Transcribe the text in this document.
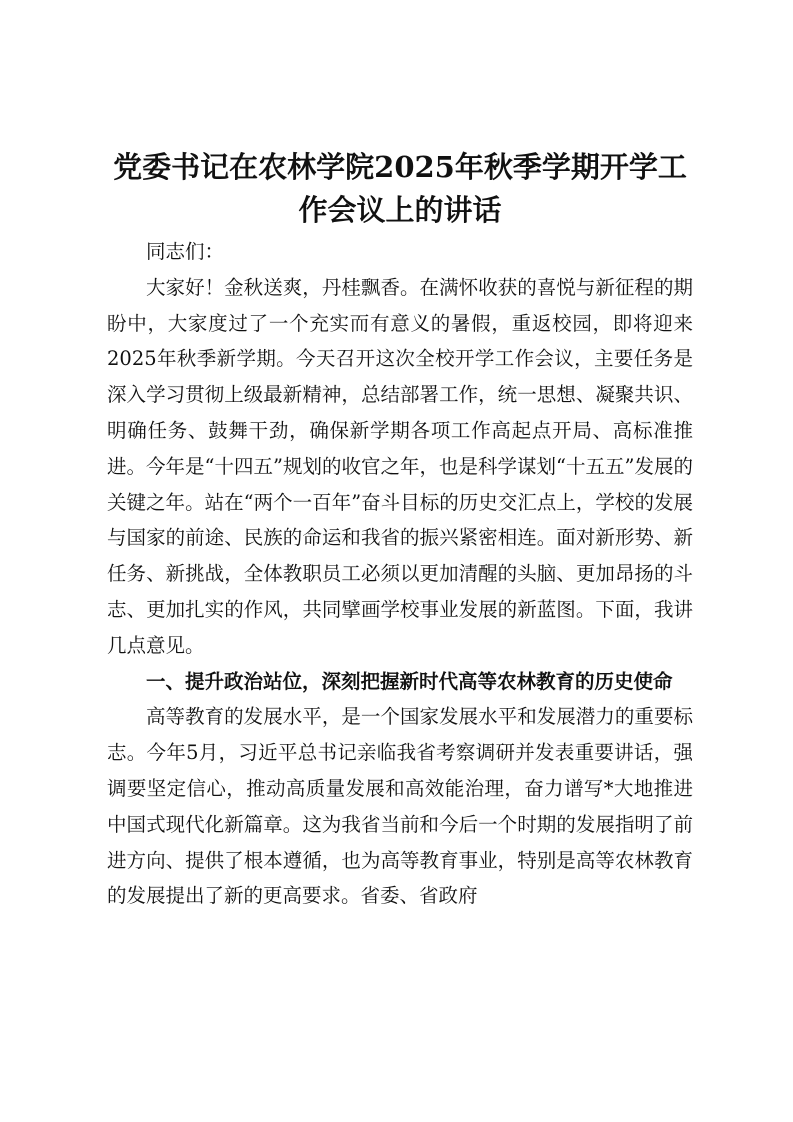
党委书记在农林学院2025年秋季学期开学工作会议上的讲话

同志们：

大家好！金秋送爽，丹桂飘香。在满怀收获的喜悦与新征程的期盼中，大家度过了一个充实而有意义的暑假，重返校园，即将迎来2025年秋季新学期。今天召开这次全校开学工作会议，主要任务是深入学习贯彻上级最新精神，总结部署工作，统一思想、凝聚共识、明确任务、鼓舞干劲，确保新学期各项工作高起点开局、高标准推进。今年是“十四五”规划的收官之年，也是科学谋划“十五五”发展的关键之年。站在“两个一百年”奋斗目标的历史交汇点上，学校的发展与国家的前途、民族的命运和我省的振兴紧密相连。面对新形势、新任务、新挑战，全体教职员工必须以更加清醒的头脑、更加昂扬的斗志、更加扎实的作风，共同擘画学校事业发展的新蓝图。下面，我讲几点意见。

一、提升政治站位，深刻把握新时代高等农林教育的历史使命

高等教育的发展水平，是一个国家发展水平和发展潜力的重要标志。今年5月，习近平总书记亲临我省考察调研并发表重要讲话，强调要坚定信心，推动高质量发展和高效能治理，奋力谱写*大地推进中国式现代化新篇章。这为我省当前和今后一个时期的发展指明了前进方向、提供了根本遵循，也为高等教育事业，特别是高等农林教育的发展提出了新的更高要求。省委、省政府
